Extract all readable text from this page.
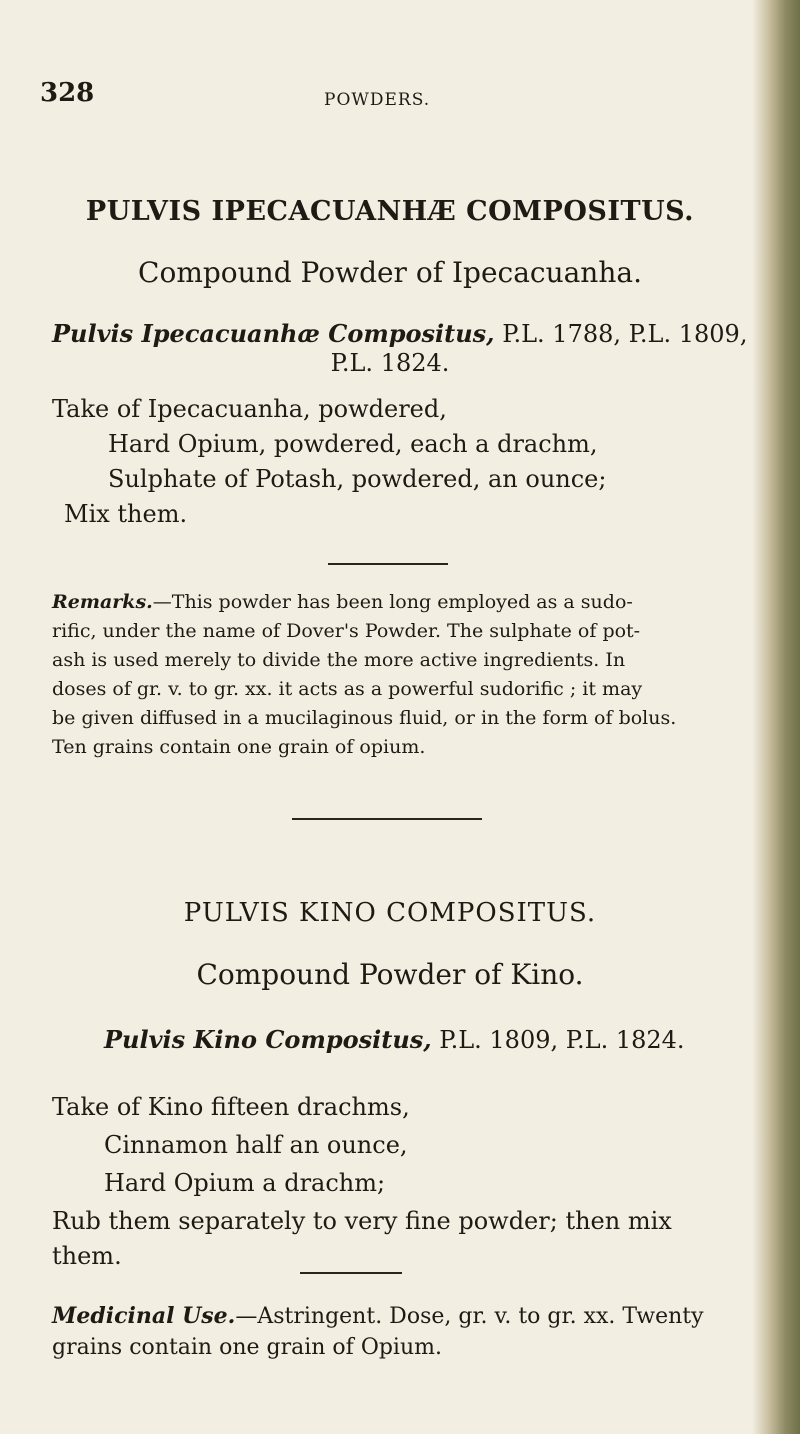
328	POWDERS.
PULVIS IPECACUANHÆ COMPOSITUS.
Compound Powder of Ipecacuanha.
Pulvis Ipecacuanhæ Compositus, P.L. 1788, P.L. 1809,
P.L. 1824.
Take of Ipecacuanha, powdered,
Hard Opium, powdered, each a drachm,
Sulphate of Potash, powdered, an ounce;
Mix them.
Remarks.—This powder has been long employed as a sudo-
rific, under the name of Dover's Powder. The sulphate of pot-
ash is used merely to divide the more active ingredients. In
doses of gr. v. to gr. xx. it acts as a powerful sudorific ; it may
be given diffused in a mucilaginous fluid, or in the form of bolus.
Ten grains contain one grain of opium.
PULVIS KINO COMPOSITUS.
Compound Powder of Kino.
Pulvis Kino Compositus, P.L. 1809, P.L. 1824.
Take of Kino fifteen drachms,
Cinnamon half an ounce,
Hard Opium a drachm;
Rub them separately to very fine powder; then mix
them.
Medicinal Use.—Astringent. Dose, gr. v. to gr. xx. Twenty
grains contain one grain of Opium.
